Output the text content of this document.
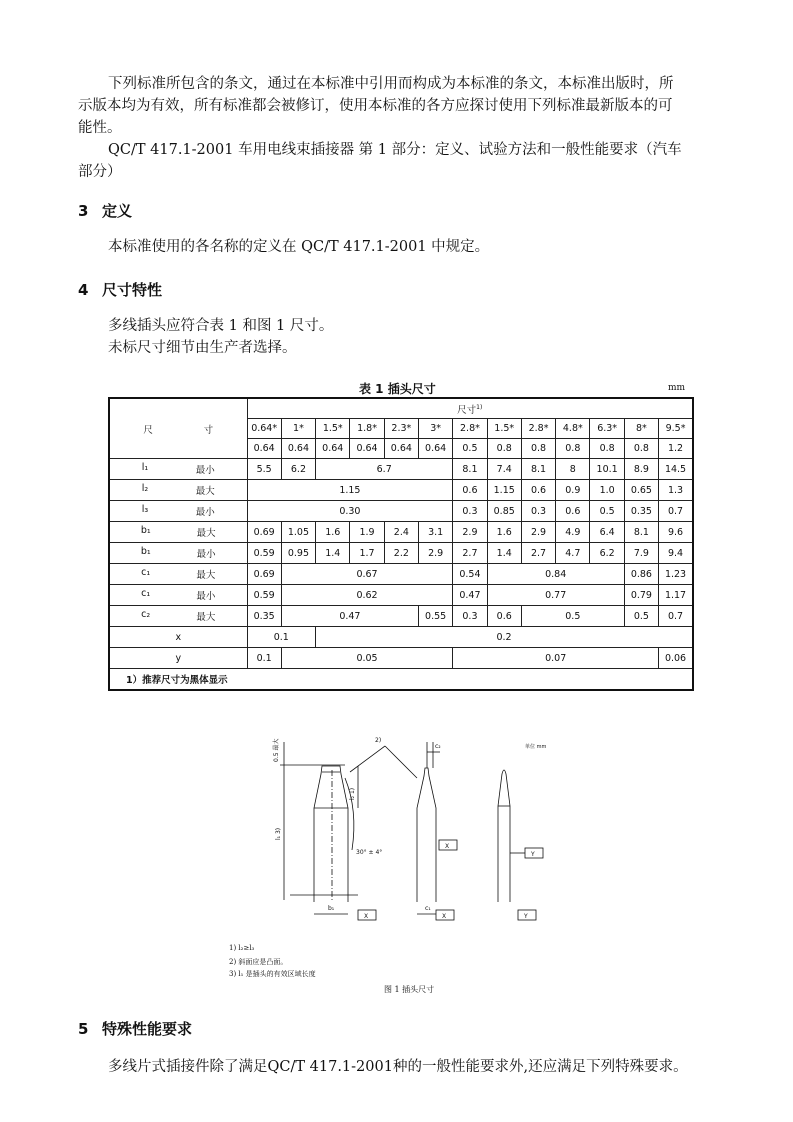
下列标准所包含的条文，通过在本标准中引用而构成为本标准的条文，本标准出版时，所
示版本均为有效，所有标准都会被修订，使用本标准的各方应探讨使用下列标准最新版本的可
能性。
QC/T 417.1-2001 车用电线束插接器 第 1 部分：定义、试验方法和一般性能要求（汽车
部分）
3 定义
本标准使用的各名称的定义在 QC/T 417.1-2001 中规定。
4 尺寸特性
多线插头应符合表 1 和图 1 尺寸。
未标尺寸细节由生产者选择。
表 1 插头尺寸	mm
尺 寸	尺寸$^{1)}$
	0.64*	1*	1.5*	1.8*	2.3*	3*	2.8*	1.5*	2.8*	4.8*	6.3*	8*	9.5*
	0.64	0.64	0.64	0.64	0.64	0.64	0.5	0.8	0.8	0.8	0.8	0.8	1.2

l₁ 最小	5.5	6.2	6.7				8.1	7.4	8.1	8	10.1	8.9	14.5

l₂ 最大	1.15						0.6	1.15	0.6	0.9	1.0	0.65	1.3

l₃ 最小	0.30						0.3	0.85	0.3	0.6	0.5	0.35	0.7

b₁ 最大	0.69	1.05	1.6	1.9	2.4	3.1	2.9	1.6	2.9	4.9	6.4	8.1	9.6

b₁ 最小	0.59	0.95	1.4	1.7	2.2	2.9	2.7	1.4	2.7	4.7	6.2	7.9	9.4

c₁ 最大	0.69	0.67					0.54	0.84				0.86	1.23

c₁ 最小	0.59	0.62					0.47	0.77				0.79	1.17

c₂ 最大	0.35	0.47				0.55	0.3	0.6	0.5			0.5	0.7
x	0.1		0.2										
y	0.1	0.05					0.07						0.06
1）推荐尺寸为黑体显示													
0.5 最大
l₁ 3)
l₂ 1)
30° ± 4°
2)
b₁	c₁
c₂
X
Y
X	X	Y
单位 mm
1) l₂≥l₃
2) 斜面应是凸面。
3) l₁ 是插头的有效区域长度
图 1 插头尺寸
5 特殊性能要求
多线片式插接件除了满足QC/T 417.1-2001种的一般性能要求外,还应满足下列特殊要求。
